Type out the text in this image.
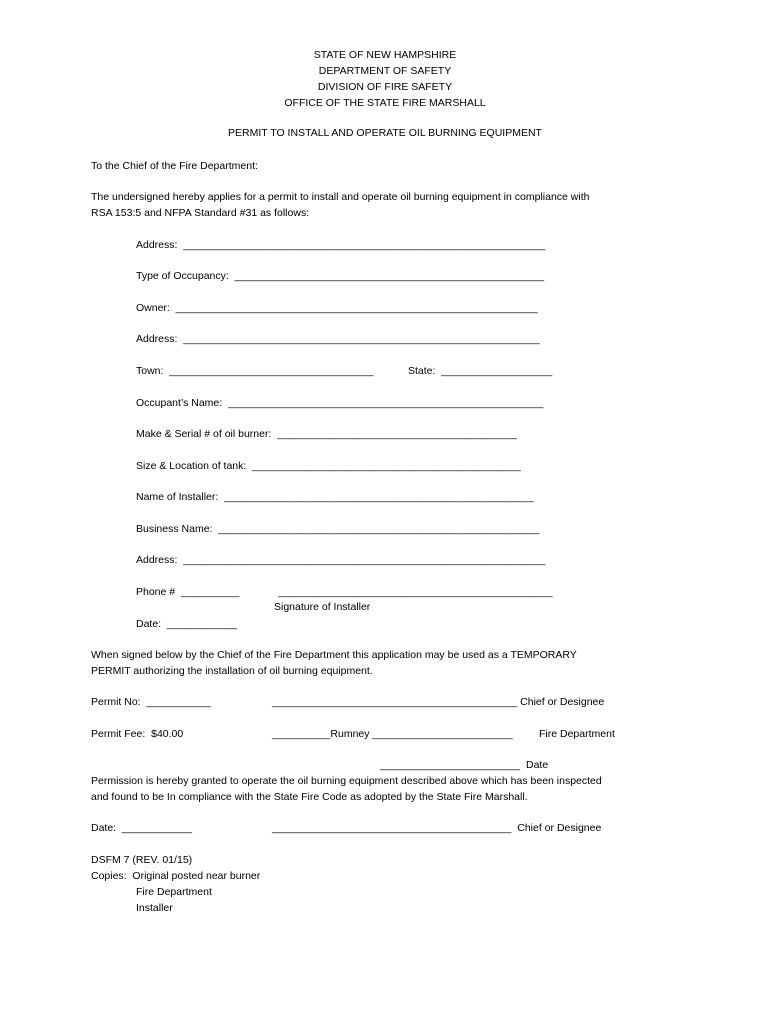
STATE OF NEW HAMPSHIRE
DEPARTMENT OF SAFETY
DIVISION OF FIRE SAFETY
OFFICE OF THE STATE FIRE MARSHALL
PERMIT TO INSTALL AND OPERATE OIL BURNING EQUIPMENT
To the Chief of the Fire Department:
The undersigned hereby applies for a permit to install and operate oil burning equipment in compliance with
RSA 153:5 and NFPA Standard #31 as follows:
Address:  ______________________________________________________________
Type of Occupancy:  _____________________________________________________
Owner:  ______________________________________________________________
Address:  _____________________________________________________________
Town:  ___________________________________	State:  ___________________
Occupant’s Name:  ______________________________________________________
Make & Serial # of oil burner:  _________________________________________
Size & Location of tank:  ______________________________________________
Name of Installer:  _____________________________________________________
Business Name:  _______________________________________________________
Address:  ______________________________________________________________
Phone #  __________	_______________________________________________
Signature of Installer
Date:  ____________
When signed below by the Chief of the Fire Department this application may be used as a TEMPORARY
PERMIT authorizing the installation of oil burning equipment.
Permit No:  ___________	__________________________________________ Chief or Designee
Permit Fee:  $40.00	__________Rumney ________________________	Fire Department
________________________  Date
Permission is hereby granted to operate the oil burning equipment described above which has been inspected
and found to be In compliance with the State Fire Code as adopted by the State Fire Marshall.
Date:  ____________	_________________________________________  Chief or Designee
DSFM 7 (REV. 01/15)
Copies:  Original posted near burner
Fire Department
Installer
